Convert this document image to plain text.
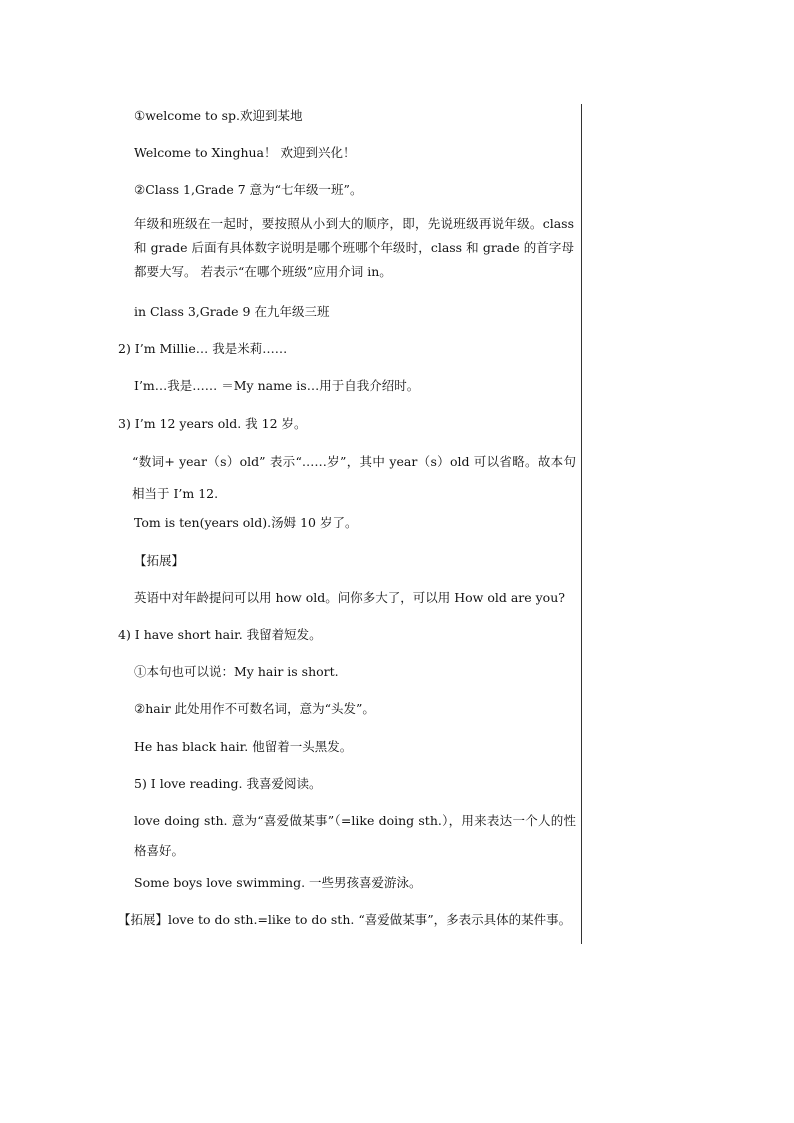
①welcome to sp.欢迎到某地
Welcome to Xinghua！ 欢迎到兴化！
②Class 1,Grade 7 意为“七年级一班”。
年级和班级在一起时，要按照从小到大的顺序，即，先说班级再说年级。class 和 grade 后面有具体数字说明是哪个班哪个年级时，class 和 grade 的首字母都要大写。 若表示“在哪个班级”应用介词 in。
in Class 3,Grade 9 在九年级三班
2) I’m Millie… 我是米莉……
I’m…我是…… ＝My name is…用于自我介绍时。
3) I’m 12 years old. 我 12 岁。
“数词+ year（s）old” 表示“……岁”，其中 year（s）old 可以省略。故本句相当于 I’m 12.
Tom is ten(years old).汤姆 10 岁了。
【拓展】
英语中对年龄提问可以用 how old。问你多大了，可以用 How old are you?
4) I have short hair. 我留着短发。
①本句也可以说：My hair is short.
②hair 此处用作不可数名词，意为“头发”。
He has black hair. 他留着一头黑发。
5) I love reading. 我喜爱阅读。
love doing sth. 意为“喜爱做某事”（=like doing sth.），用来表达一个人的性格喜好。
Some boys love swimming. 一些男孩喜爱游泳。
【拓展】love to do sth.=like to do sth. “喜爱做某事”，多表示具体的某件事。
